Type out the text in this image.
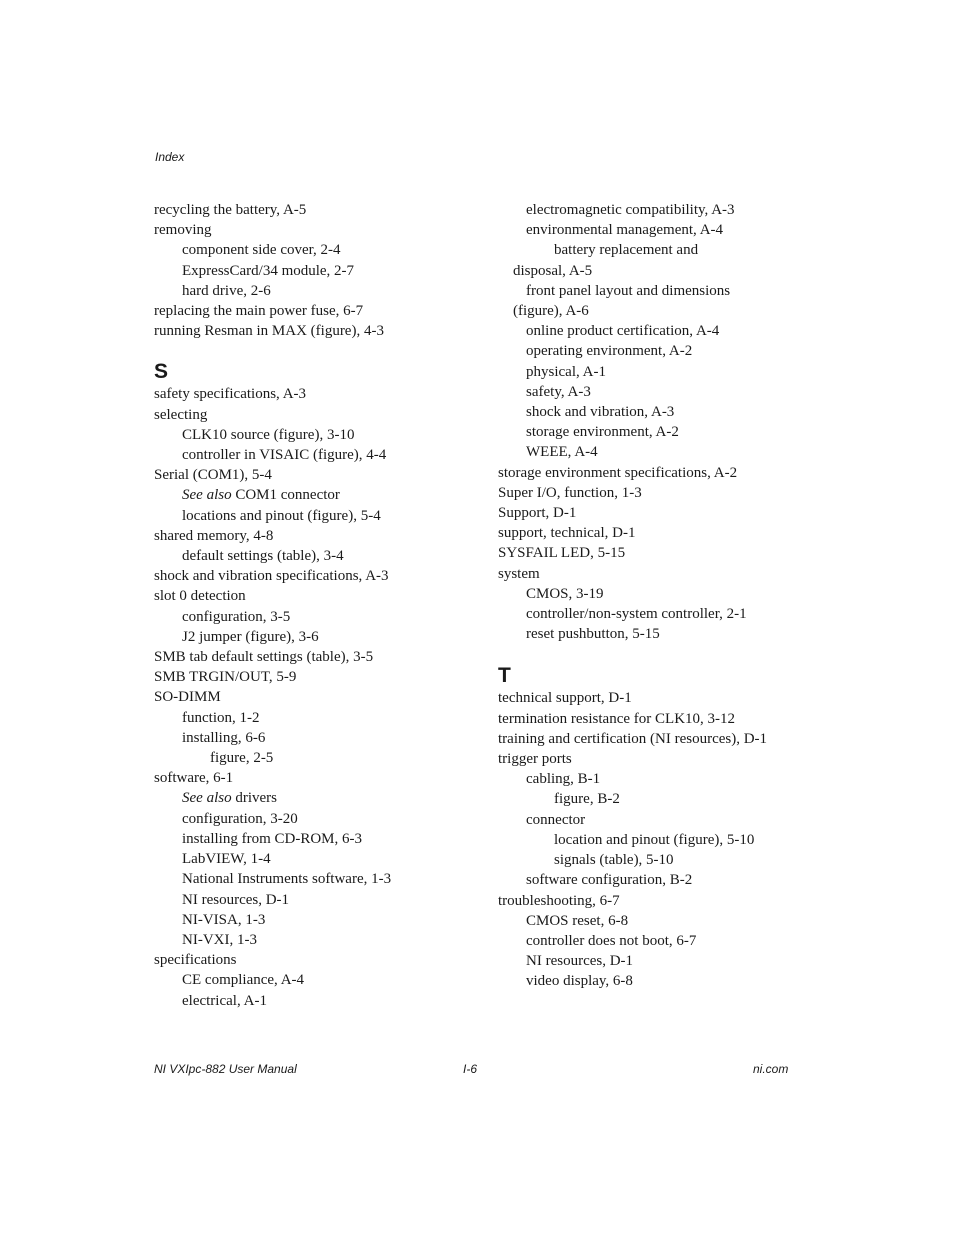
Index
recycling the battery, A-5
removing
component side cover, 2-4
ExpressCard/34 module, 2-7
hard drive, 2-6
replacing the main power fuse, 6-7
running Resman in MAX (figure), 4-3
S
safety specifications, A-3
selecting
CLK10 source (figure), 3-10
controller in VISAIC (figure), 4-4
Serial (COM1), 5-4
See also COM1 connector
locations and pinout (figure), 5-4
shared memory, 4-8
default settings (table), 3-4
shock and vibration specifications, A-3
slot 0 detection
configuration, 3-5
J2 jumper (figure), 3-6
SMB tab default settings (table), 3-5
SMB TRGIN/OUT, 5-9
SO-DIMM
function, 1-2
installing, 6-6
figure, 2-5
software, 6-1
See also drivers
configuration, 3-20
installing from CD-ROM, 6-3
LabVIEW, 1-4
National Instruments software, 1-3
NI resources, D-1
NI-VISA, 1-3
NI-VXI, 1-3
specifications
CE compliance, A-4
electrical, A-1
electromagnetic compatibility, A-3
environmental management, A-4
battery replacement and
disposal, A-5
front panel layout and dimensions
(figure), A-6
online product certification, A-4
operating environment, A-2
physical, A-1
safety, A-3
shock and vibration, A-3
storage environment, A-2
WEEE, A-4
storage environment specifications, A-2
Super I/O, function, 1-3
Support, D-1
support, technical, D-1
SYSFAIL LED, 5-15
system
CMOS, 3-19
controller/non-system controller, 2-1
reset pushbutton, 5-15
T
technical support, D-1
termination resistance for CLK10, 3-12
training and certification (NI resources), D-1
trigger ports
cabling, B-1
figure, B-2
connector
location and pinout (figure), 5-10
signals (table), 5-10
software configuration, B-2
troubleshooting, 6-7
CMOS reset, 6-8
controller does not boot, 6-7
NI resources, D-1
video display, 6-8
NI VXIpc-882 User Manual	I-6	ni.com
